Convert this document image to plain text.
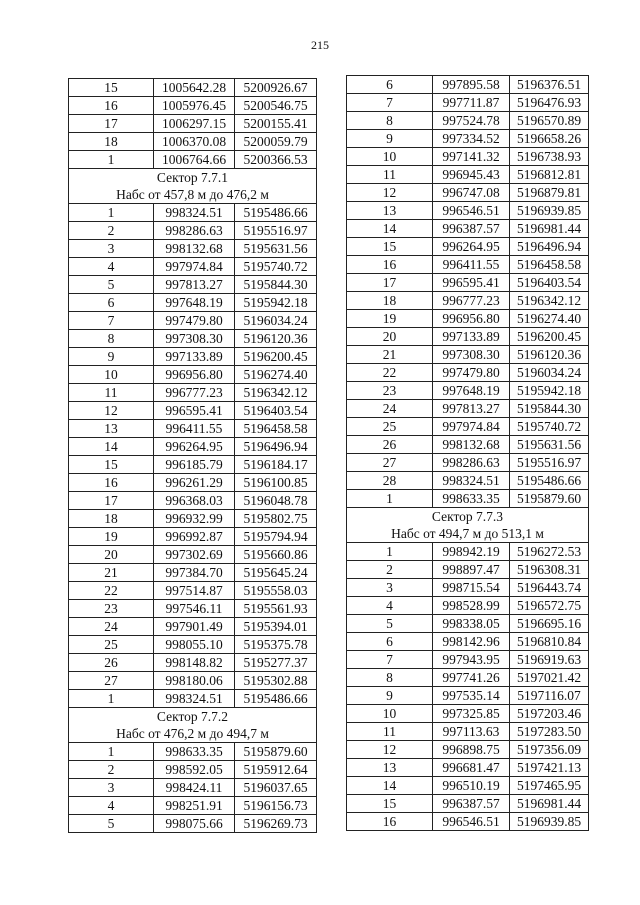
215
15	1005642.28	5200926.67
16	1005976.45	5200546.75
17	1006297.15	5200155.41
18	1006370.08	5200059.79
1	1006764.66	5200366.53
Сектор 7.7.1		
Набс от 457,8 м до 476,2 м		
1	998324.51	5195486.66
2	998286.63	5195516.97
3	998132.68	5195631.56
4	997974.84	5195740.72
5	997813.27	5195844.30
6	997648.19	5195942.18
7	997479.80	5196034.24
8	997308.30	5196120.36
9	997133.89	5196200.45
10	996956.80	5196274.40
11	996777.23	5196342.12
12	996595.41	5196403.54
13	996411.55	5196458.58
14	996264.95	5196496.94
15	996185.79	5196184.17
16	996261.29	5196100.85
17	996368.03	5196048.78
18	996932.99	5195802.75
19	996992.87	5195794.94
20	997302.69	5195660.86
21	997384.70	5195645.24
22	997514.87	5195558.03
23	997546.11	5195561.93
24	997901.49	5195394.01
25	998055.10	5195375.78
26	998148.82	5195277.37
27	998180.06	5195302.88
1	998324.51	5195486.66
Сектор 7.7.2		
Набс от 476,2 м до 494,7 м		
1	998633.35	5195879.60
2	998592.05	5195912.64
3	998424.11	5196037.65
4	998251.91	5196156.73
5	998075.66	5196269.73
6	997895.58	5196376.51
7	997711.87	5196476.93
8	997524.78	5196570.89
9	997334.52	5196658.26
10	997141.32	5196738.93
11	996945.43	5196812.81
12	996747.08	5196879.81
13	996546.51	5196939.85
14	996387.57	5196981.44
15	996264.95	5196496.94
16	996411.55	5196458.58
17	996595.41	5196403.54
18	996777.23	5196342.12
19	996956.80	5196274.40
20	997133.89	5196200.45
21	997308.30	5196120.36
22	997479.80	5196034.24
23	997648.19	5195942.18
24	997813.27	5195844.30
25	997974.84	5195740.72
26	998132.68	5195631.56
27	998286.63	5195516.97
28	998324.51	5195486.66
1	998633.35	5195879.60
Сектор 7.7.3		
Набс от 494,7 м до 513,1 м		
1	998942.19	5196272.53
2	998897.47	5196308.31
3	998715.54	5196443.74
4	998528.99	5196572.75
5	998338.05	5196695.16
6	998142.96	5196810.84
7	997943.95	5196919.63
8	997741.26	5197021.42
9	997535.14	5197116.07
10	997325.85	5197203.46
11	997113.63	5197283.50
12	996898.75	5197356.09
13	996681.47	5197421.13
14	996510.19	5197465.95
15	996387.57	5196981.44
16	996546.51	5196939.85
